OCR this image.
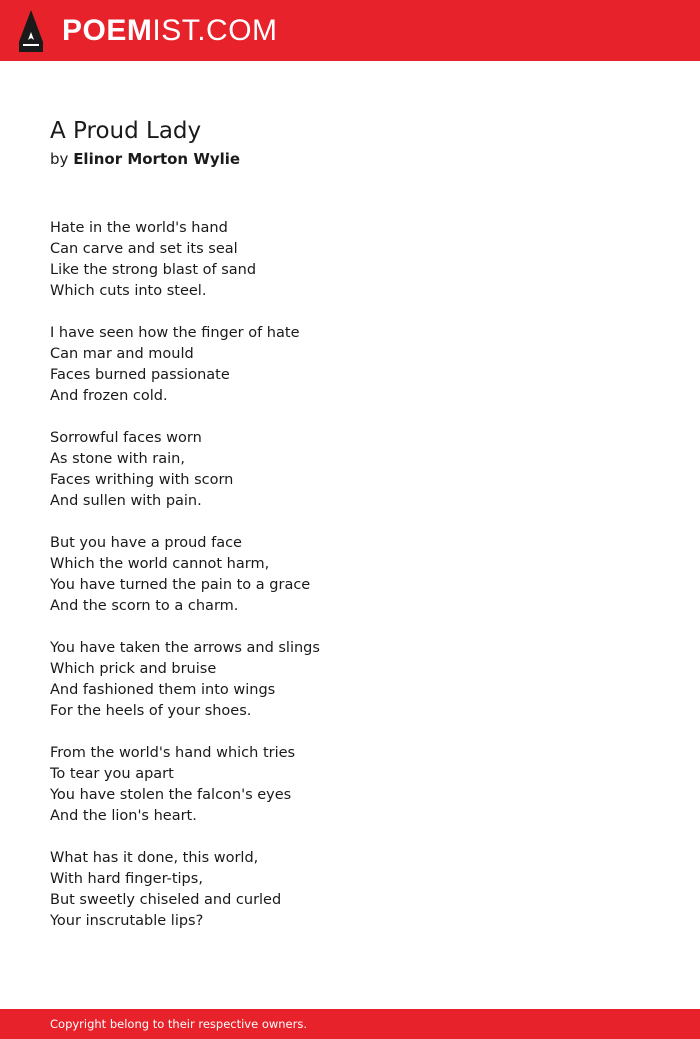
POEMIST.COM
A Proud Lady
by Elinor Morton Wylie
Hate in the world's hand
Can carve and set its seal
Like the strong blast of sand
Which cuts into steel.
I have seen how the finger of hate
Can mar and mould
Faces burned passionate
And frozen cold.
Sorrowful faces worn
As stone with rain,
Faces writhing with scorn
And sullen with pain.
But you have a proud face
Which the world cannot harm,
You have turned the pain to a grace
And the scorn to a charm.
You have taken the arrows and slings
Which prick and bruise
And fashioned them into wings
For the heels of your shoes.
From the world's hand which tries
To tear you apart
You have stolen the falcon's eyes
And the lion's heart.
What has it done, this world,
With hard finger-tips,
But sweetly chiseled and curled
Your inscrutable lips?
Copyright belong to their respective owners.
